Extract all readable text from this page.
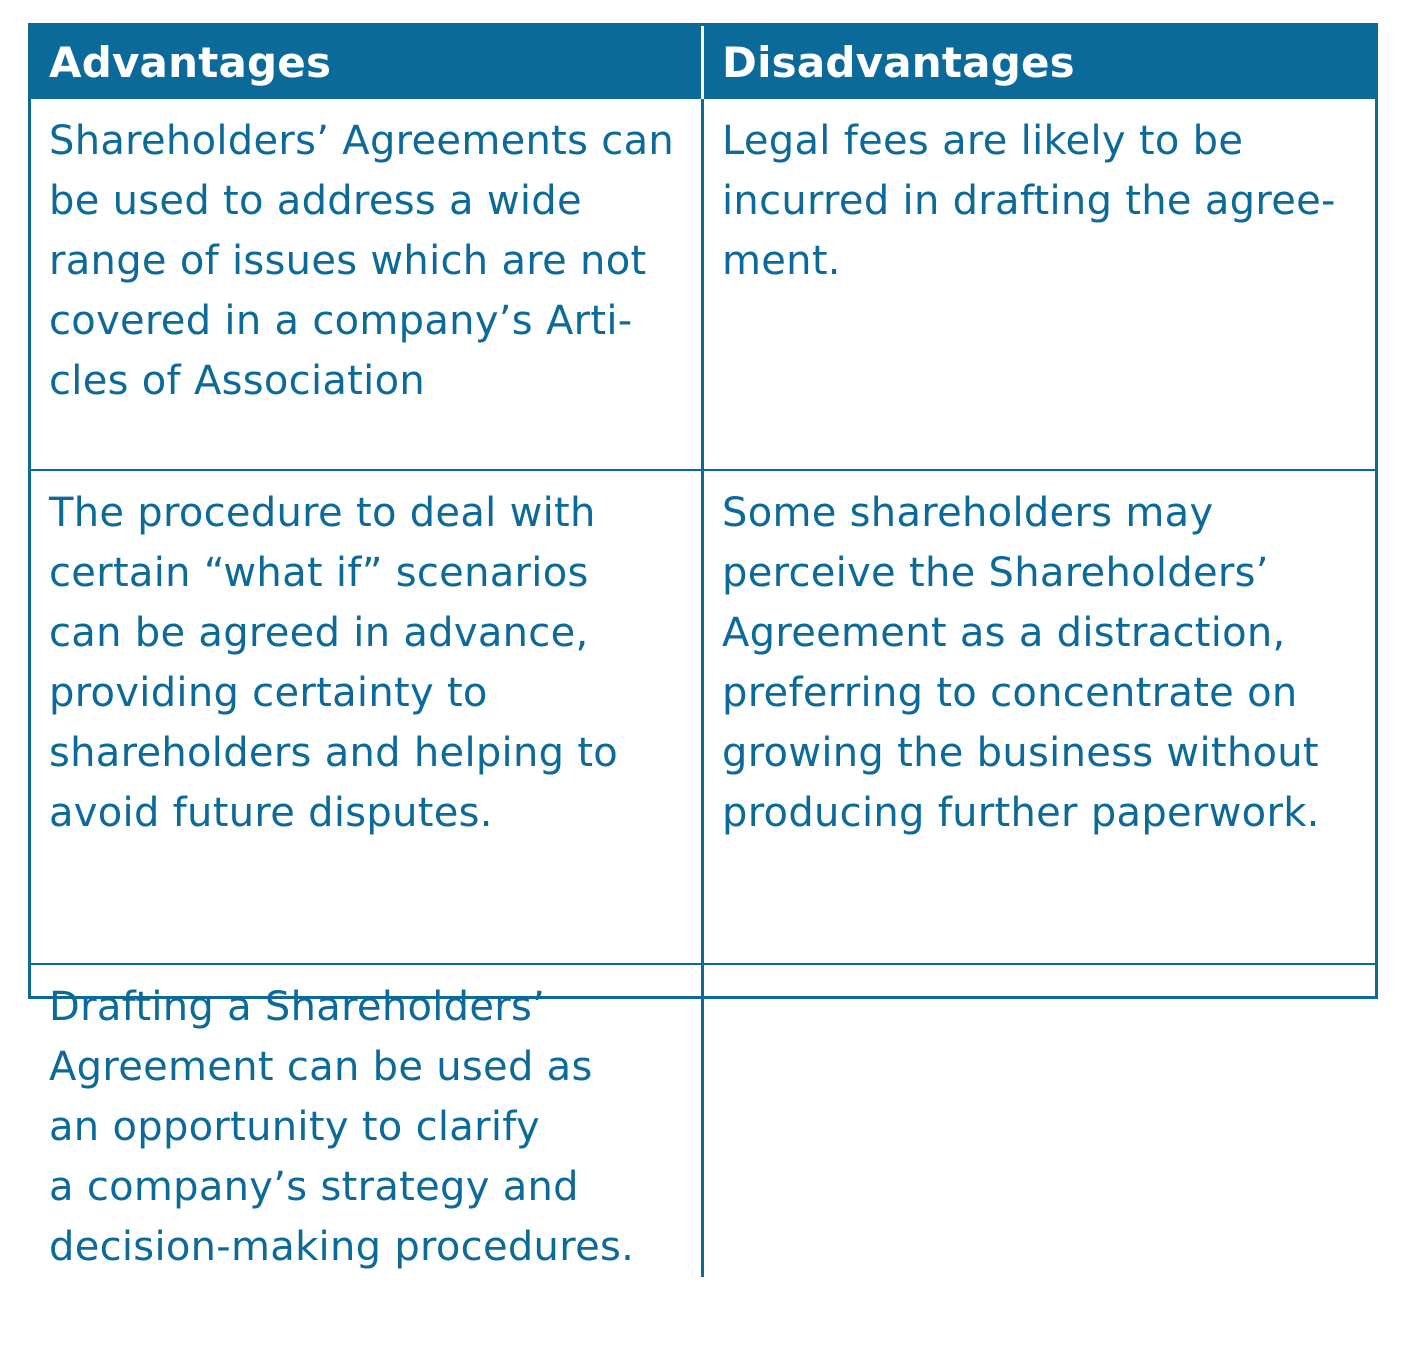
Advantages	Disadvantages
Shareholders’ Agreements can
be used to address a wide
range of issues which are not
covered in a company’s Arti-
cles of Association
Legal fees are likely to be
incurred in drafting the agree-
ment.
The procedure to deal with
certain “what if” scenarios
can be agreed in advance,
providing certainty to
shareholders and helping to
avoid future disputes.
Some shareholders may
perceive the Shareholders’
Agreement as a distraction,
preferring to concentrate on
growing the business without
producing further paperwork.
Drafting a Shareholders’
Agreement can be used as
an opportunity to clarify
a company’s strategy and
decision-making procedures.
